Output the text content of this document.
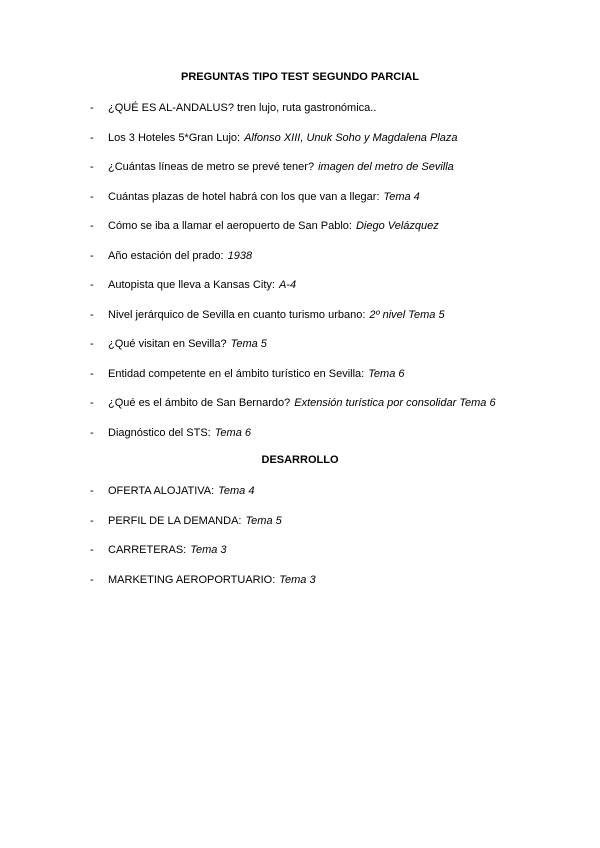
PREGUNTAS TIPO TEST SEGUNDO PARCIAL
-	¿QUÉ ES AL-ANDALUS? tren lujo, ruta gastronómica..
-	Los 3 Hoteles 5*Gran Lujo: Alfonso XIII, Unuk Soho y Magdalena Plaza
-	¿Cuántas líneas de metro se prevé tener? imagen del metro de Sevilla
-	Cuántas plazas de hotel habrá con los que van a llegar: Tema 4
-	Cómo se iba a llamar el aeropuerto de San Pablo: Diego Velázquez
-	Año estación del prado: 1938
-	Autopista que lleva a Kansas City: A-4
-	Nivel jerárquico de Sevilla en cuanto turismo urbano: 2º nivel Tema 5
-	¿Qué visitan en Sevilla? Tema 5
-	Entidad competente en el ámbito turístico en Sevilla: Tema 6
-	¿Qué es el ámbito de San Bernardo? Extensión turística por consolidar Tema 6
-	Diagnóstico del STS: Tema 6
DESARROLLO
-	OFERTA ALOJATIVA: Tema 4
-	PERFIL DE LA DEMANDA: Tema 5
-	CARRETERAS: Tema 3
-	MARKETING AEROPORTUARIO: Tema 3
